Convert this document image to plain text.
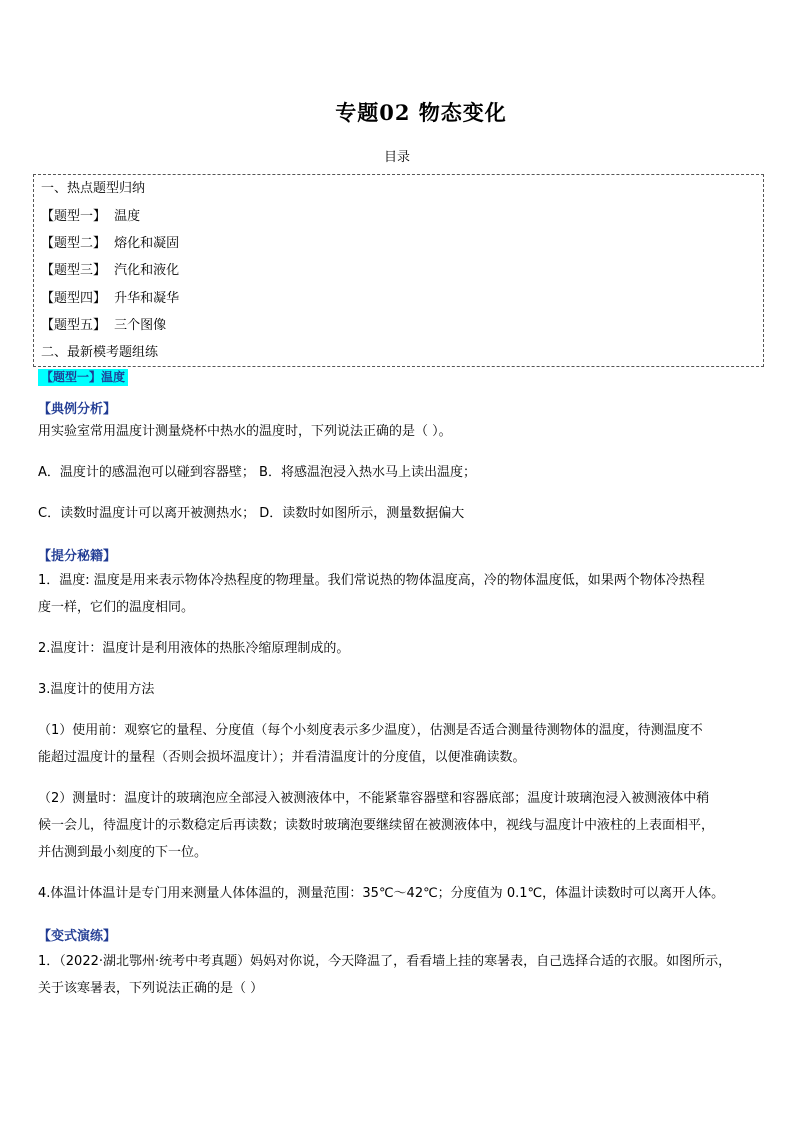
专题02 物态变化
目录
一、热点题型归纳
【题型一】 温度
【题型二】 熔化和凝固
【题型三】 汽化和液化
【题型四】 升华和凝华
【题型五】 三个图像
二、最新模考题组练
【题型一】温度
【典例分析】
用实验室常用温度计测量烧杯中热水的温度时，下列说法正确的是（ ）。
A．温度计的感温泡可以碰到容器壁； B．将感温泡浸入热水马上读出温度；
C．读数时温度计可以离开被测热水； D．读数时如图所示，测量数据偏大
【提分秘籍】
1．温度: 温度是用来表示物体冷热程度的物理量。我们常说热的物体温度高，冷的物体温度低，如果两个物体冷热程
度一样，它们的温度相同。
2.温度计：温度计是利用液体的热胀冷缩原理制成的。
3.温度计的使用方法
（1）使用前：观察它的量程、分度值（每个小刻度表示多少温度），估测是否适合测量待测物体的温度，待测温度不
能超过温度计的量程（否则会损坏温度计）；并看清温度计的分度值，以便准确读数。
（2）测量时：温度计的玻璃泡应全部浸入被测液体中，不能紧靠容器壁和容器底部；温度计玻璃泡浸入被测液体中稍
候一会儿，待温度计的示数稳定后再读数；读数时玻璃泡要继续留在被测液体中，视线与温度计中液柱的上表面相平，
并估测到最小刻度的下一位。
4.体温计体温计是专门用来测量人体体温的，测量范围：35℃～42℃；分度值为 0.1℃，体温计读数时可以离开人体。
【变式演练】
1．（2022·湖北鄂州·统考中考真题）妈妈对你说，今天降温了，看看墙上挂的寒暑表，自己选择合适的衣服。如图所示，
关于该寒暑表，下列说法正确的是（ ）
